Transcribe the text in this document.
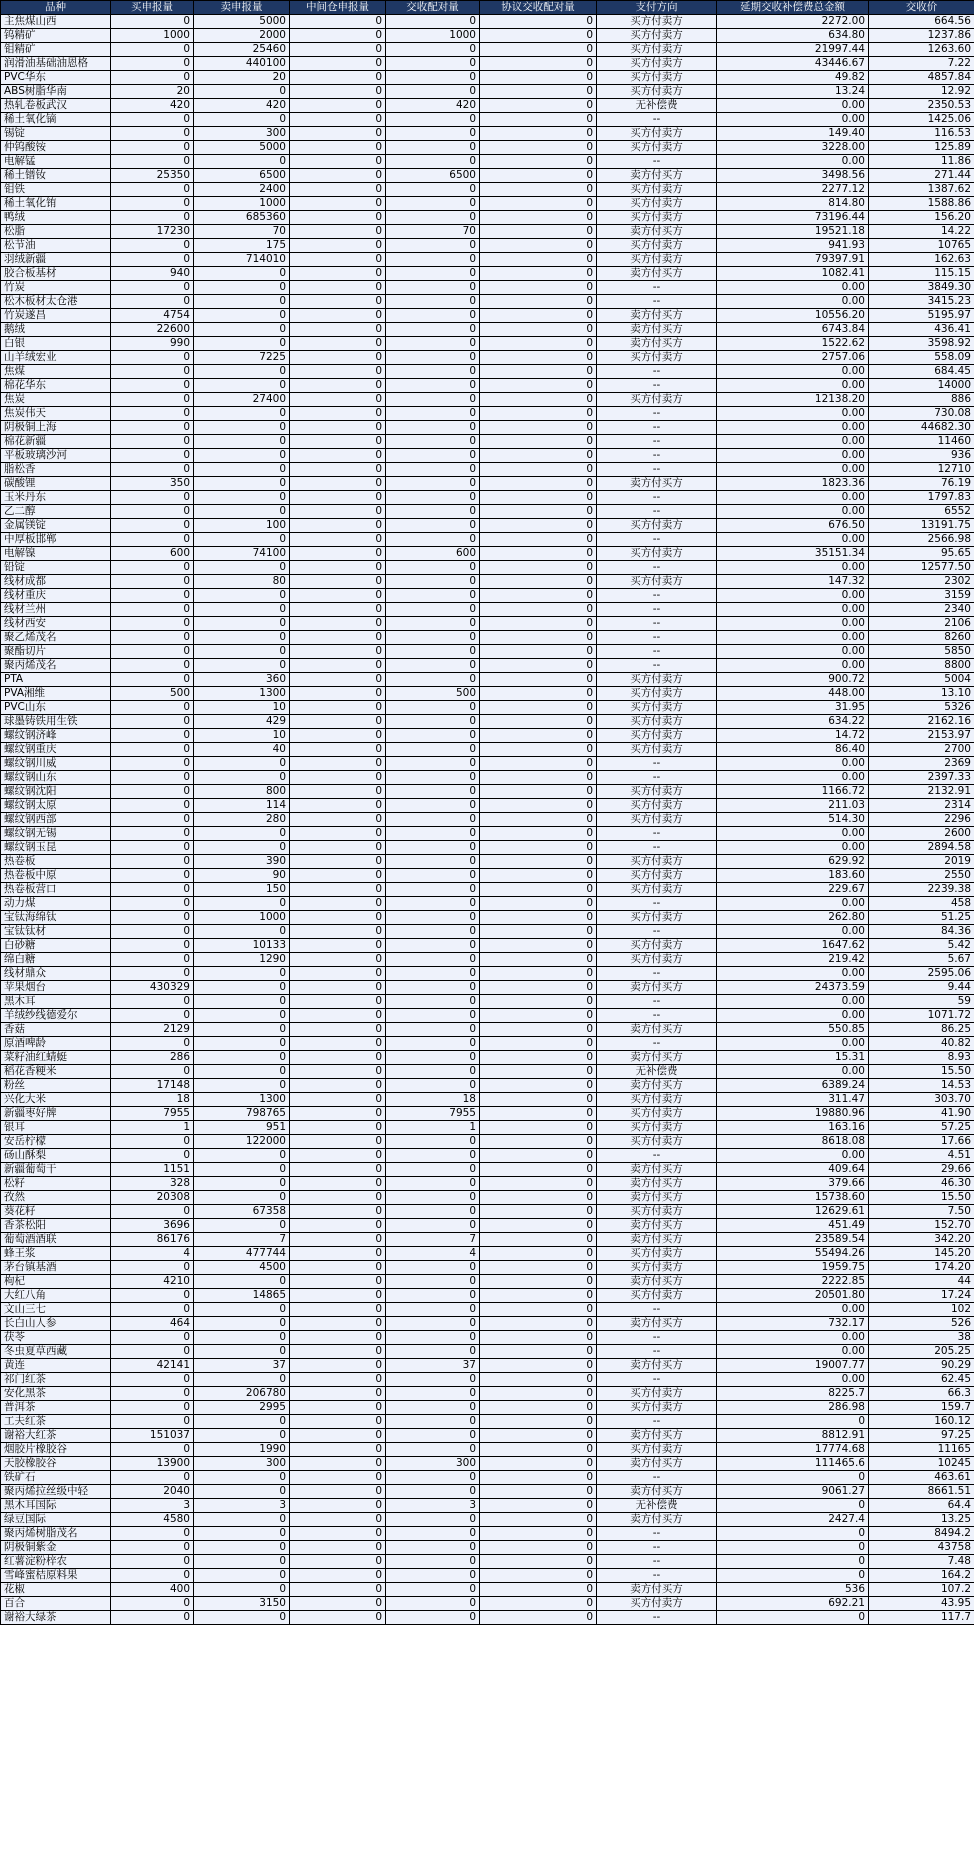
品种	买申报量	卖申报量	中间仓申报量	交收配对量	协议交收配对量	支付方向	延期交收补偿费总金额	交收价
主焦煤山西	0	5000	0	0	0	买方付卖方	2272.00	664.56
钨精矿	1000	2000	0	1000	0	买方付卖方	634.80	1237.86
钼精矿	0	25460	0	0	0	买方付卖方	21997.44	1263.60
润滑油基础油恩格	0	440100	0	0	0	买方付卖方	43446.67	7.22
PVC华东	0	20	0	0	0	买方付卖方	49.82	4857.84
ABS树脂华南	20	0	0	0	0	买方付卖方	13.24	12.92
热轧卷板武汉	420	420	0	420	0	无补偿费	0.00	2350.53
稀土氧化镝	0	0	0	0	0	--	0.00	1425.06
锡锭	0	300	0	0	0	买方付卖方	149.40	116.53
仲钨酸铵	0	5000	0	0	0	买方付卖方	3228.00	125.89
电解锰	0	0	0	0	0	--	0.00	11.86
稀土镨钕	25350	6500	0	6500	0	卖方付买方	3498.56	271.44
钼铁	0	2400	0	0	0	买方付卖方	2277.12	1387.62
稀土氧化铕	0	1000	0	0	0	买方付卖方	814.80	1588.86
鸭绒	0	685360	0	0	0	买方付卖方	73196.44	156.20
松脂	17230	70	0	70	0	卖方付买方	19521.18	14.22
松节油	0	175	0	0	0	买方付卖方	941.93	10765
羽绒新疆	0	714010	0	0	0	买方付卖方	79397.91	162.63
胶合板基材	940	0	0	0	0	卖方付买方	1082.41	115.15
竹炭	0	0	0	0	0	--	0.00	3849.30
松木板材太仓港	0	0	0	0	0	--	0.00	3415.23
竹炭遂昌	4754	0	0	0	0	卖方付买方	10556.20	5195.97
鹅绒	22600	0	0	0	0	卖方付买方	6743.84	436.41
白银	990	0	0	0	0	卖方付买方	1522.62	3598.92
山羊绒宏业	0	7225	0	0	0	买方付卖方	2757.06	558.09
焦煤	0	0	0	0	0	--	0.00	684.45
棉花华东	0	0	0	0	0	--	0.00	14000
焦炭	0	27400	0	0	0	买方付卖方	12138.20	886
焦炭伟天	0	0	0	0	0	--	0.00	730.08
阴极铜上海	0	0	0	0	0	--	0.00	44682.30
棉花新疆	0	0	0	0	0	--	0.00	11460
平板玻璃沙河	0	0	0	0	0	--	0.00	936
脂松香	0	0	0	0	0	--	0.00	12710
碳酸锂	350	0	0	0	0	卖方付买方	1823.36	76.19
玉米丹东	0	0	0	0	0	--	0.00	1797.83
乙二醇	0	0	0	0	0	--	0.00	6552
金属镁锭	0	100	0	0	0	买方付卖方	676.50	13191.75
中厚板邯郸	0	0	0	0	0	--	0.00	2566.98
电解镍	600	74100	0	600	0	买方付卖方	35151.34	95.65
铅锭	0	0	0	0	0	--	0.00	12577.50
线材成都	0	80	0	0	0	买方付卖方	147.32	2302
线材重庆	0	0	0	0	0	--	0.00	3159
线材兰州	0	0	0	0	0	--	0.00	2340
线材西安	0	0	0	0	0	--	0.00	2106
聚乙烯茂名	0	0	0	0	0	--	0.00	8260
聚酯切片	0	0	0	0	0	--	0.00	5850
聚丙烯茂名	0	0	0	0	0	--	0.00	8800
PTA	0	360	0	0	0	买方付卖方	900.72	5004
PVA湘维	500	1300	0	500	0	买方付卖方	448.00	13.10
PVC山东	0	10	0	0	0	买方付卖方	31.95	5326
球墨铸铁用生铁	0	429	0	0	0	买方付卖方	634.22	2162.16
螺纹钢济峰	0	10	0	0	0	买方付卖方	14.72	2153.97
螺纹钢重庆	0	40	0	0	0	买方付卖方	86.40	2700
螺纹钢川威	0	0	0	0	0	--	0.00	2369
螺纹钢山东	0	0	0	0	0	--	0.00	2397.33
螺纹钢沈阳	0	800	0	0	0	买方付卖方	1166.72	2132.91
螺纹钢太原	0	114	0	0	0	买方付卖方	211.03	2314
螺纹钢西部	0	280	0	0	0	买方付卖方	514.30	2296
螺纹钢无锡	0	0	0	0	0	--	0.00	2600
螺纹钢玉昆	0	0	0	0	0	--	0.00	2894.58
热卷板	0	390	0	0	0	买方付卖方	629.92	2019
热卷板中原	0	90	0	0	0	买方付卖方	183.60	2550
热卷板营口	0	150	0	0	0	买方付卖方	229.67	2239.38
动力煤	0	0	0	0	0	--	0.00	458
宝钛海绵钛	0	1000	0	0	0	买方付卖方	262.80	51.25
宝钛钛材	0	0	0	0	0	--	0.00	84.36
白砂糖	0	10133	0	0	0	买方付卖方	1647.62	5.42
绵白糖	0	1290	0	0	0	买方付卖方	219.42	5.67
线材鼎众	0	0	0	0	0	--	0.00	2595.06
苹果烟台	430329	0	0	0	0	卖方付买方	24373.59	9.44
黑木耳	0	0	0	0	0	--	0.00	59
羊绒纱线德爱尔	0	0	0	0	0	--	0.00	1071.72
香菇	2129	0	0	0	0	卖方付买方	550.85	86.25
原酒啤龄	0	0	0	0	0	--	0.00	40.82
菜籽油红蜻蜓	286	0	0	0	0	卖方付买方	15.31	8.93
稻花香粳米	0	0	0	0	0	无补偿费	0.00	15.50
粉丝	17148	0	0	0	0	卖方付买方	6389.24	14.53
兴化大米	18	1300	0	18	0	买方付卖方	311.47	303.70
新疆枣好牌	7955	798765	0	7955	0	买方付卖方	19880.96	41.90
银耳	1	951	0	1	0	买方付卖方	163.16	57.25
安岳柠檬	0	122000	0	0	0	买方付卖方	8618.08	17.66
砀山酥梨	0	0	0	0	0	--	0.00	4.51
新疆葡萄干	1151	0	0	0	0	卖方付买方	409.64	29.66
松籽	328	0	0	0	0	卖方付买方	379.66	46.30
孜然	20308	0	0	0	0	卖方付买方	15738.60	15.50
葵花籽	0	67358	0	0	0	买方付卖方	12629.61	7.50
香茶松阳	3696	0	0	0	0	卖方付买方	451.49	152.70
葡萄酒酒联	86176	7	0	7	0	卖方付买方	23589.54	342.20
蜂王浆	4	477744	0	4	0	买方付卖方	55494.26	145.20
茅台镇基酒	0	4500	0	0	0	买方付卖方	1959.75	174.20
枸杞	4210	0	0	0	0	卖方付买方	2222.85	44
大红八角	0	14865	0	0	0	买方付卖方	20501.80	17.24
文山三七	0	0	0	0	0	--	0.00	102
长白山人参	464	0	0	0	0	卖方付买方	732.17	526
茯苓	0	0	0	0	0	--	0.00	38
冬虫夏草西藏	0	0	0	0	0	--	0.00	205.25
黄连	42141	37	0	37	0	卖方付买方	19007.77	90.29
祁门红茶	0	0	0	0	0	--	0.00	62.45
安化黑茶	0	206780	0	0	0	买方付卖方	8225.7	66.3
普洱茶	0	2995	0	0	0	买方付卖方	286.98	159.7
工夫红茶	0	0	0	0	0	--	0	160.12
谢裕大红茶	151037	0	0	0	0	卖方付买方	8812.91	97.25
烟胶片橡胶谷	0	1990	0	0	0	买方付卖方	17774.68	11165
天胶橡胶谷	13900	300	0	300	0	卖方付买方	111465.6	10245
铁矿石	0	0	0	0	0	--	0	463.61
聚丙烯拉丝级中轻	2040	0	0	0	0	卖方付买方	9061.27	8661.51
黑木耳国际	3	3	0	3	0	无补偿费	0	64.4
绿豆国际	4580	0	0	0	0	卖方付买方	2427.4	13.25
聚丙烯树脂茂名	0	0	0	0	0	--	0	8494.2
阴极铜紫金	0	0	0	0	0	--	0	43758
红薯淀粉梓农	0	0	0	0	0	--	0	7.48
雪峰蜜桔原料果	0	0	0	0	0	--	0	164.2
花椒	400	0	0	0	0	卖方付买方	536	107.2
百合	0	3150	0	0	0	买方付卖方	692.21	43.95
谢裕大绿茶	0	0	0	0	0	--	0	117.7
